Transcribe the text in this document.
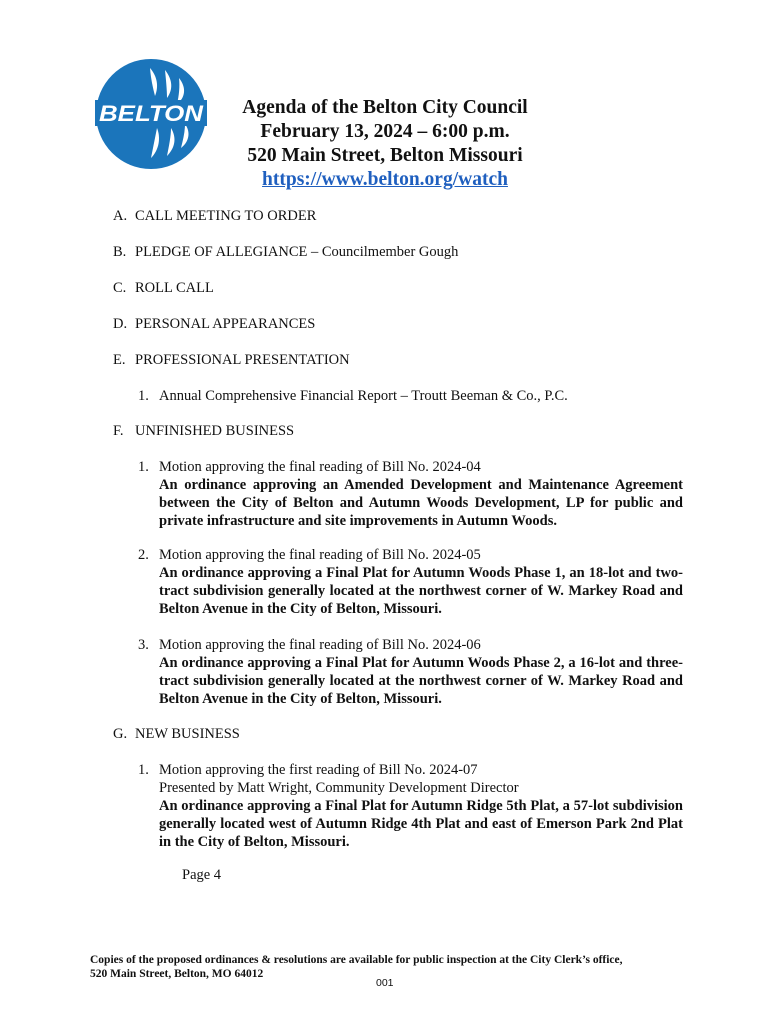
BELTON	Agenda of the Belton City Council
February 13, 2024 – 6:00 p.m.
520 Main Street, Belton Missouri
https://www.belton.org/watch
A. CALL MEETING TO ORDER
B. PLEDGE OF ALLEGIANCE – Councilmember Gough
C. ROLL CALL
D. PERSONAL APPEARANCES
E. PROFESSIONAL PRESENTATION
1. Annual Comprehensive Financial Report – Troutt Beeman & Co., P.C.
F. UNFINISHED BUSINESS
1. Motion approving the final reading of Bill No. 2024-04
An ordinance approving an Amended Development and Maintenance Agreement between the City of Belton and Autumn Woods Development, LP for public and private infrastructure and site improvements in Autumn Woods.
2. Motion approving the final reading of Bill No. 2024-05
An ordinance approving a Final Plat for Autumn Woods Phase 1, an 18-lot and two-tract subdivision generally located at the northwest corner of W. Markey Road and Belton Avenue in the City of Belton, Missouri.
3. Motion approving the final reading of Bill No. 2024-06
An ordinance approving a Final Plat for Autumn Woods Phase 2, a 16-lot and three-tract subdivision generally located at the northwest corner of W. Markey Road and Belton Avenue in the City of Belton, Missouri.
G. NEW BUSINESS
1. Motion approving the first reading of Bill No. 2024-07
Presented by Matt Wright, Community Development Director
An ordinance approving a Final Plat for Autumn Ridge 5th Plat, a 57-lot subdivision generally located west of Autumn Ridge 4th Plat and east of Emerson Park 2nd Plat in the City of Belton, Missouri.
Page 4
Copies of the proposed ordinances & resolutions are available for public inspection at the City Clerk’s office,
520 Main Street, Belton, MO 64012
001
